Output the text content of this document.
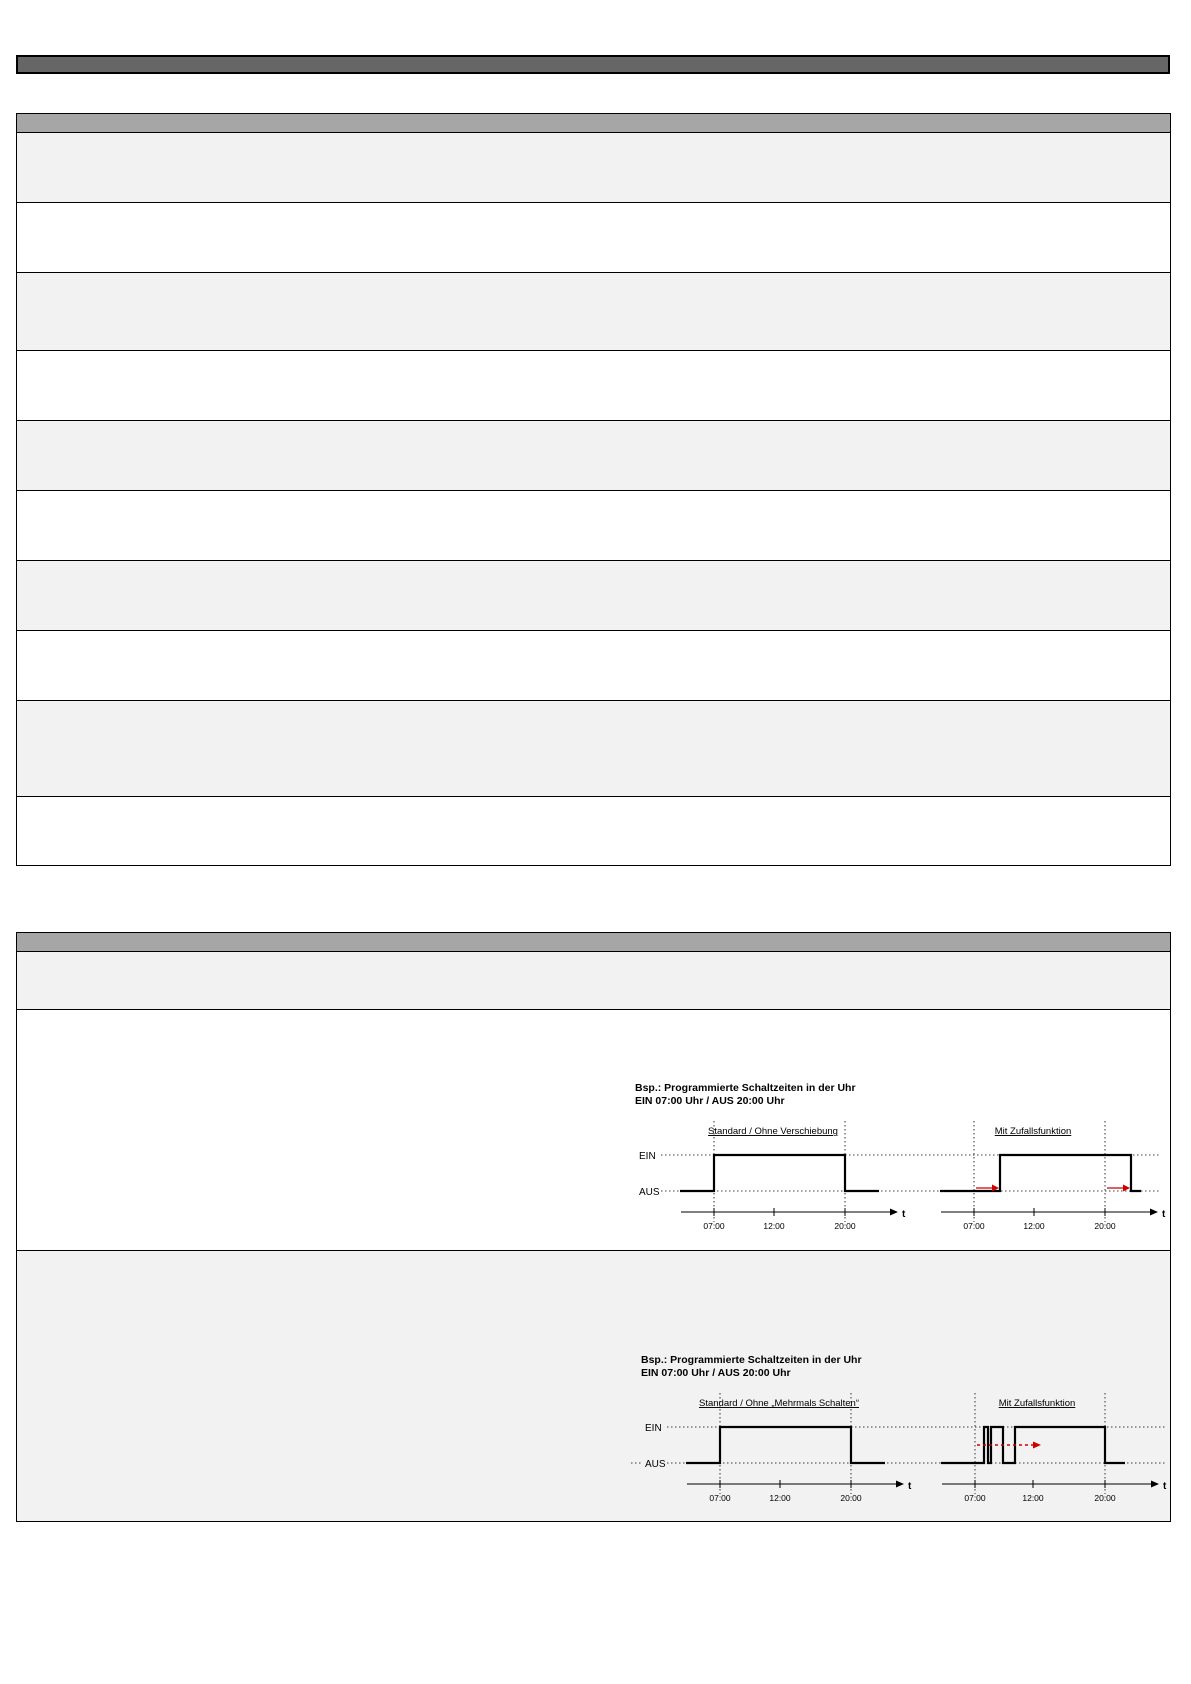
Bsp.: Programmierte Schaltzeiten in der Uhr
EIN 07:00 Uhr / AUS 20:00 Uhr
Standard / Ohne Verschiebung	Mit Zufallsfunktion
EIN
AUS
t	t
07:00	12:00	20:00	07:00	12:00	20:00
Bsp.: Programmierte Schaltzeiten in der Uhr
EIN 07:00 Uhr / AUS 20:00 Uhr
Standard / Ohne „Mehrmals Schalten“	Mit Zufallsfunktion
EIN
AUS
t	t
07:00	12:00	20:00	07:00	12:00	20:00
